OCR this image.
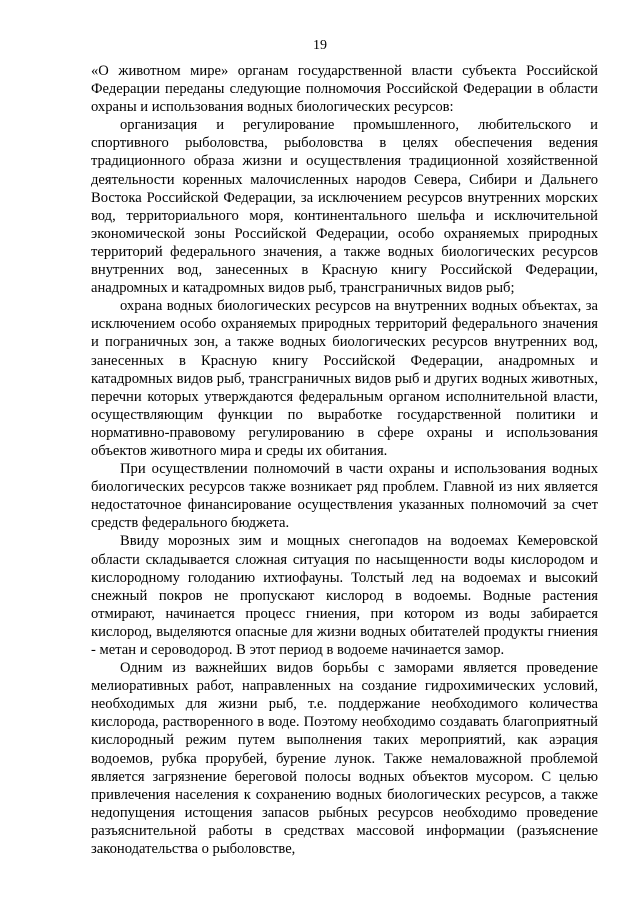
19

«О животном мире» органам государственной власти субъекта Российской Федерации переданы следующие полномочия Российской Федерации в области охраны и использования водных биологических ресурсов:

организация и регулирование промышленного, любительского и спортивного рыболовства, рыболовства в целях обеспечения ведения традиционного образа жизни и осуществления традиционной хозяйственной деятельности коренных малочисленных народов Севера, Сибири и Дальнего Востока Российской Федерации, за исключением ресурсов внутренних морских вод, территориального моря, континентального шельфа и исключительной экономической зоны Российской Федерации, особо охраняемых природных территорий федерального значения, а также водных биологических ресурсов внутренних вод, занесенных в Красную книгу Российской Федерации, анадромных и катадромных видов рыб, трансграничных видов рыб;

охрана водных биологических ресурсов на внутренних водных объектах, за исключением особо охраняемых природных территорий федерального значения и пограничных зон, а также водных биологических ресурсов внутренних вод, занесенных в Красную книгу Российской Федерации, анадромных и катадромных видов рыб, трансграничных видов рыб и других водных животных, перечни которых утверждаются федеральным органом исполнительной власти, осуществляющим функции по выработке государственной политики и нормативно-правовому регулированию в сфере охраны и использования объектов животного мира и среды их обитания.

При осуществлении полномочий в части охраны и использования водных биологических ресурсов также возникает ряд проблем. Главной из них является недостаточное финансирование осуществления указанных полномочий за счет средств федерального бюджета.

Ввиду морозных зим и мощных снегопадов на водоемах Кемеровской области складывается сложная ситуация по насыщенности воды кислородом и кислородному голоданию ихтиофауны. Толстый лед на водоемах и высокий снежный покров не пропускают кислород в водоемы. Водные растения отмирают, начинается процесс гниения, при котором из воды забирается кислород, выделяются опасные для жизни водных обитателей продукты гниения - метан и сероводород. В этот период в водоеме начинается замор.

Одним из важнейших видов борьбы с заморами является проведение мелиоративных работ, направленных на создание гидрохимических условий, необходимых для жизни рыб, т.е. поддержание необходимого количества кислорода, растворенного в воде. Поэтому необходимо создавать благоприятный кислородный режим путем выполнения таких мероприятий, как аэрация водоемов, рубка прорубей, бурение лунок. Также немаловажной проблемой является загрязнение береговой полосы водных объектов мусором. С целью привлечения населения к сохранению водных биологических ресурсов, а также недопущения истощения запасов рыбных ресурсов необходимо проведение разъяснительной работы в средствах массовой информации (разъяснение законодательства о рыболовстве,
